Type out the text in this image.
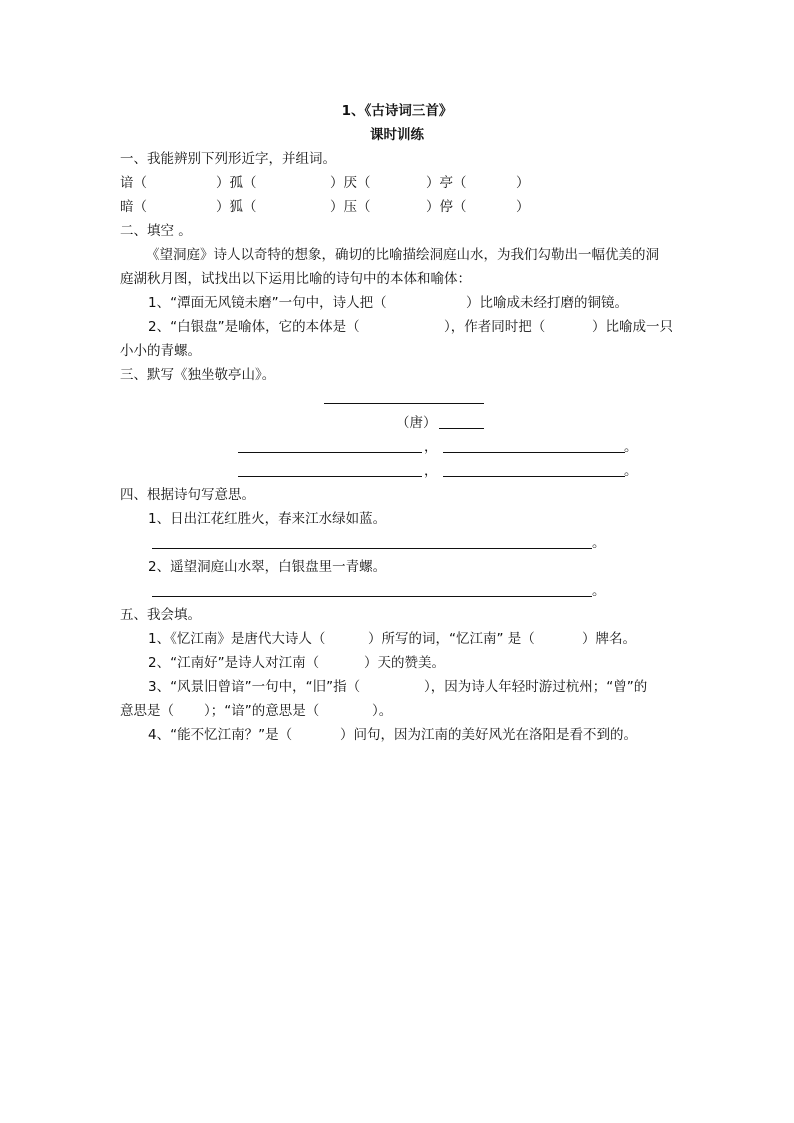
1、《古诗词三首》
课时训练
一、我能辨别下列形近字，并组词。
谙（	）孤（	）厌（	）亭（	）
暗（	）狐（	）压（	）停（	）
二、填空 。
《望洞庭》诗人以奇特的想象，确切的比喻描绘洞庭山水，为我们勾勒出一幅优美的洞
庭湖秋月图，试找出以下运用比喻的诗句中的本体和喻体：
1、“潭面无风镜未磨”一句中，诗人把（	）比喻成未经打磨的铜镜。
2、“白银盘”是喻体，它的本体是（	），作者同时把（	）比喻成一只
小小的青螺。
三、默写《独坐敬亭山》。
（唐）
，	。
，	。
四、根据诗句写意思。
1、日出江花红胜火，春来江水绿如蓝。
。
2、遥望洞庭山水翠，白银盘里一青螺。
。
五、我会填。
1、《忆江南》是唐代大诗人（	）所写的词，“忆江南” 是（	）牌名。
2、“江南好”是诗人对江南（	）天的赞美。
3、“风景旧曾谙”一句中，“旧”指（	），因为诗人年轻时游过杭州；“曾”的
意思是（ ）；“谙”的意思是（	）。
4、“能不忆江南？”是（	）问句，因为江南的美好风光在洛阳是看不到的。
